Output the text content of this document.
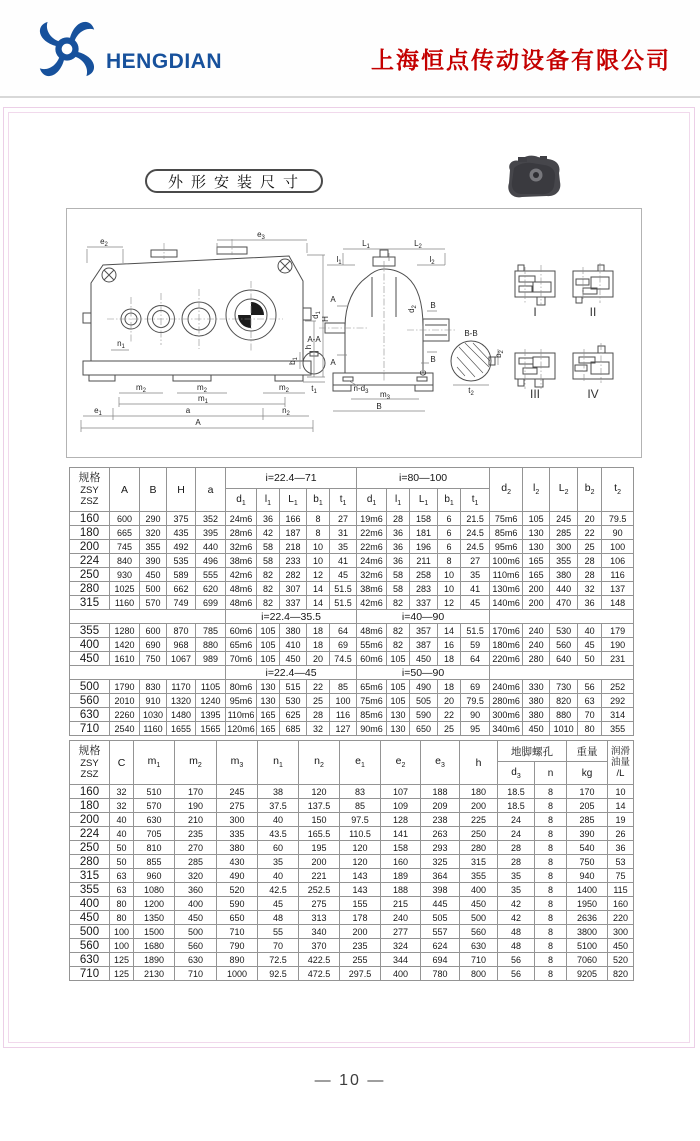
HENGDIAN	上海恒点传动设备有限公司
外形安装尺寸
$e_2$
$e_3$
H
h
$n_1$
$m_2$	$m_2$	$m_2$
$m_1$
$e_1$	a	$n_2$
A
A-A
$b_1$
$t_1$
$L_1$	$L_2$
$l_1$	$l_2$
A
A
B
B
$d_1$	$d_2$
C
$n-d_3$ $m_3$
B
B-B
$b_2$
$t_2$
I	II
III	IV
规格
ZSY
ZSZ	A	B	H	a	i=22.4—71					i=80—100					$d_2$	$l_2$	$L_2$	$b_2$	$t_2$
					$d_1$	$l_1$	$L_1$	$b_1$	$t_1$	$d_1$	$l_1$	$L_1$	$b_1$	$t_1$
160	600	290	375	352	24m6	36	166	8	27	19m6	28	158	6	21.5	75m6	105	245	20	79.5
180	665	320	435	395	28m6	42	187	8	31	22m6	36	181	6	24.5	85m6	130	285	22	90
200	745	355	492	440	32m6	58	218	10	35	22m6	36	196	6	24.5	95m6	130	300	25	100
224	840	390	535	496	38m6	58	233	10	41	24m6	36	211	8	27	100m6	165	355	28	106
250	930	450	589	555	42m6	82	282	12	45	32m6	58	258	10	35	110m6	165	380	28	116
280	1025	500	662	620	48m6	82	307	14	51.5	38m6	58	283	10	41	130m6	200	440	32	137
315	1160	570	749	699	48m6	82	337	14	51.5	42m6	82	337	12	45	140m6	200	470	36	148
					i=22.4—35.5					i=40—90									
355	1280	600	870	785	60m6	105	380	18	64	48m6	82	357	14	51.5	170m6	240	530	40	179
400	1420	690	968	880	65m6	105	410	18	69	55m6	82	387	16	59	180m6	240	560	45	190
450	1610	750	1067	989	70m6	105	450	20	74.5	60m6	105	450	18	64	220m6	280	640	50	231
					i=22.4—45					i=50—90									
500	1790	830	1170	1105	80m6	130	515	22	85	65m6	105	490	18	69	240m6	330	730	56	252
560	2010	910	1320	1240	95m6	130	530	25	100	75m6	105	505	20	79.5	280m6	380	820	63	292
630	2260	1030	1480	1395	110m6	165	625	28	116	85m6	130	590	22	90	300m6	380	880	70	314
710	2540	1160	1655	1565	120m6	165	685	32	127	90m6	130	650	25	95	340m6	450	1010	80	355
规格
ZSY
ZSZ
	C	$m_1$	$m_2$	$m_3$	$n_1$	$n_2$	$e_1$	$e_2$	$e_3$	h	地脚螺孔	重量	润滑
油量
/L

											$d_3$	n	kg	
160	32	510	170	245	38	120	83	107	188	180	18.5	8	170	10
180	32	570	190	275	37.5	137.5	85	109	209	200	18.5	8	205	14
200	40	630	210	300	40	150	97.5	128	238	225	24	8	285	19
224	40	705	235	335	43.5	165.5	110.5	141	263	250	24	8	390	26
250	50	810	270	380	60	195	120	158	293	280	28	8	540	36
280	50	855	285	430	35	200	120	160	325	315	28	8	750	53
315	63	960	320	490	40	221	143	189	364	355	35	8	940	75
355	63	1080	360	520	42.5	252.5	143	188	398	400	35	8	1400	115
400	80	1200	400	590	45	275	155	215	445	450	42	8	1950	160
450	80	1350	450	650	48	313	178	240	505	500	42	8	2636	220
500	100	1500	500	710	55	340	200	277	557	560	48	8	3800	300
560	100	1680	560	790	70	370	235	324	624	630	48	8	5100	450
630	125	1890	630	890	72.5	422.5	255	344	694	710	56	8	7060	520
710	125	2130	710	1000	92.5	472.5	297.5	400	780	800	56	8	9205	820
— 10 —
